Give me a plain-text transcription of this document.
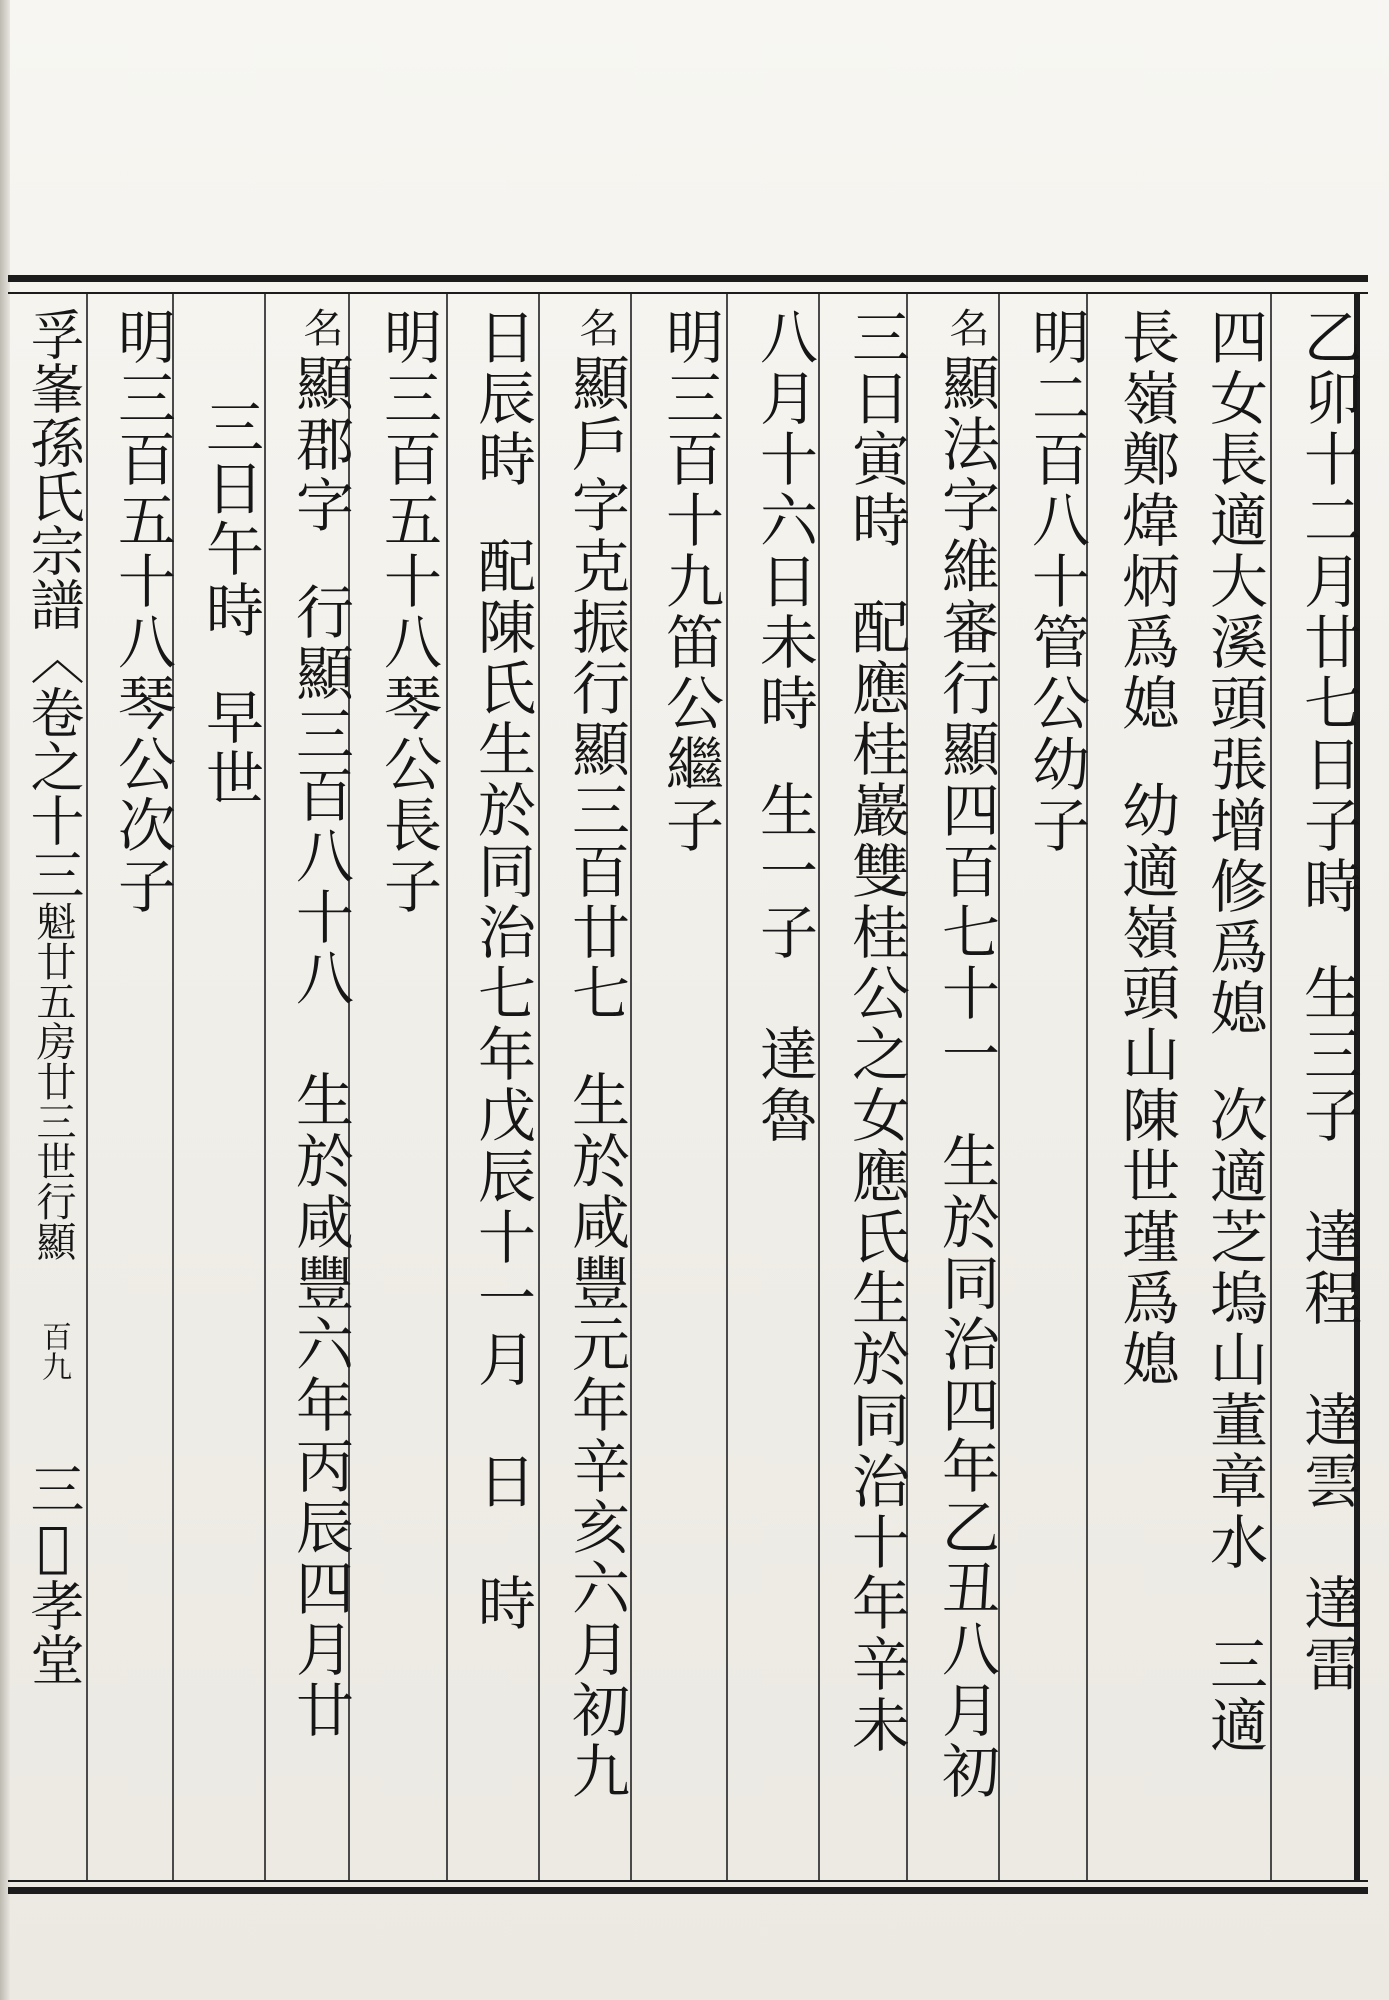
孚峯孫氏宗譜〈卷之十三魁廿五房廿三世行顯百九三𣴑孝堂
乙卯十二月廿七日子時生三子　達程　達雲　達雷
四女長適大溪頭張增修爲媳次適芝塢山董章水　三適
長嶺鄭煒炳爲媳幼適嶺頭山陳世瑾爲媳
明二百八十管公幼子
名顯法字維審行顯四百七十一生於同治四年乙丑八月初
三日寅時配應桂巖雙桂公之女應氏生於同治十年辛未
八月十六日未時生一子　達魯
明三百十九笛公繼子
名顯戶字克振行顯三百廿七生於咸豐元年辛亥六月初九
日辰時配陳氏生於同治七年戊辰十一月　日　時
明三百五十八琴公長子
名顯郡字行顯三百八十八　生於咸豐六年丙辰四月廿
三日午時早世
明三百五十八琴公次子
